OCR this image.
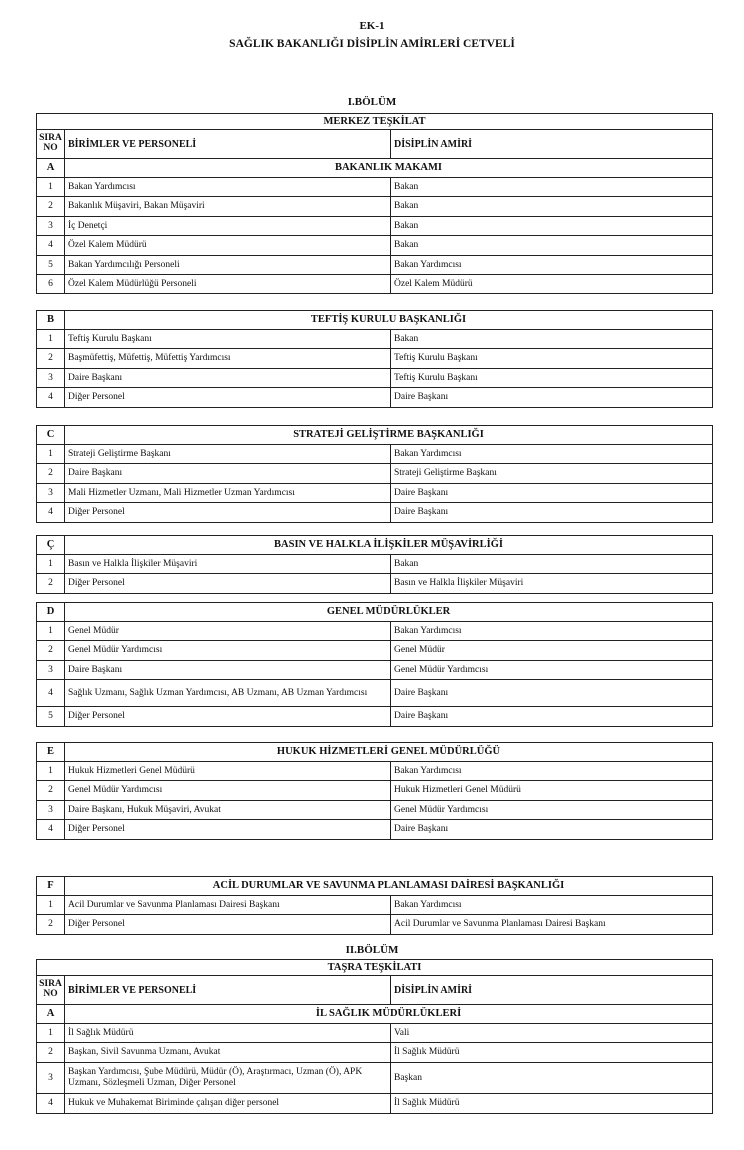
EK-1
SAĞLIK BAKANLIĞI DİSİPLİN AMİRLERİ CETVELİ
I.BÖLÜM
II.BÖLÜM
MERKEZ TEŞKİLAT		
SIRA NO	BİRİMLER VE PERSONELİ	DİSİPLİN AMİRİ
A	BAKANLIK MAKAMI	
1	Bakan Yardımcısı	Bakan
2	Bakanlık Müşaviri, Bakan Müşaviri	Bakan
3	İç Denetçi	Bakan
4	Özel Kalem Müdürü	Bakan
5	Bakan Yardımcılığı Personeli	Bakan Yardımcısı
6	Özel Kalem Müdürlüğü Personeli	Özel Kalem Müdürü
B	TEFTİŞ KURULU BAŞKANLIĞI	
1	Teftiş Kurulu Başkanı	Bakan
2	Başmüfettiş, Müfettiş, Müfettiş Yardımcısı	Teftiş Kurulu Başkanı
3	Daire Başkanı	Teftiş Kurulu Başkanı
4	Diğer Personel	Daire Başkanı
C	STRATEJİ GELİŞTİRME BAŞKANLIĞI	
1	Strateji Geliştirme Başkanı	Bakan Yardımcısı
2	Daire Başkanı	Strateji Geliştirme Başkanı
3	Mali Hizmetler Uzmanı, Mali Hizmetler Uzman Yardımcısı	Daire Başkanı
4	Diğer Personel	Daire Başkanı
Ç	BASIN VE HALKLA İLİŞKİLER MÜŞAVİRLİĞİ	
1	Basın ve Halkla İlişkiler Müşaviri	Bakan
2	Diğer Personel	Basın ve Halkla İlişkiler Müşaviri
D	GENEL MÜDÜRLÜKLER	
1	Genel Müdür	Bakan Yardımcısı
2	Genel Müdür Yardımcısı	Genel Müdür
3	Daire Başkanı	Genel Müdür Yardımcısı
4	Sağlık Uzmanı, Sağlık Uzman Yardımcısı, AB Uzmanı, AB Uzman Yardımcısı	Daire Başkanı
5	Diğer Personel	Daire Başkanı
E	HUKUK HİZMETLERİ GENEL MÜDÜRLÜĞÜ	
1	Hukuk Hizmetleri Genel Müdürü	Bakan Yardımcısı
2	Genel Müdür Yardımcısı	Hukuk Hizmetleri Genel Müdürü
3	Daire Başkanı, Hukuk Müşaviri, Avukat	Genel Müdür Yardımcısı
4	Diğer Personel	Daire Başkanı
F	ACİL DURUMLAR VE SAVUNMA PLANLAMASI DAİRESİ BAŞKANLIĞI	
1	Acil Durumlar ve Savunma Planlaması Dairesi Başkanı	Bakan Yardımcısı
2	Diğer Personel	Acil Durumlar ve Savunma Planlaması Dairesi Başkanı
TAŞRA TEŞKİLATI		
SIRA NO	BİRİMLER VE PERSONELİ	DİSİPLİN AMİRİ
A	İL SAĞLIK MÜDÜRLÜKLERİ	
1	İl Sağlık Müdürü	Vali
2	Başkan, Sivil Savunma Uzmanı, Avukat	İl Sağlık Müdürü
3	Başkan Yardımcısı, Şube Müdürü, Müdür (Ö), Araştırmacı, Uzman (Ö), APK Uzmanı, Sözleşmeli Uzman, Diğer Personel	Başkan
4	Hukuk ve Muhakemat Biriminde çalışan diğer personel	İl Sağlık Müdürü
